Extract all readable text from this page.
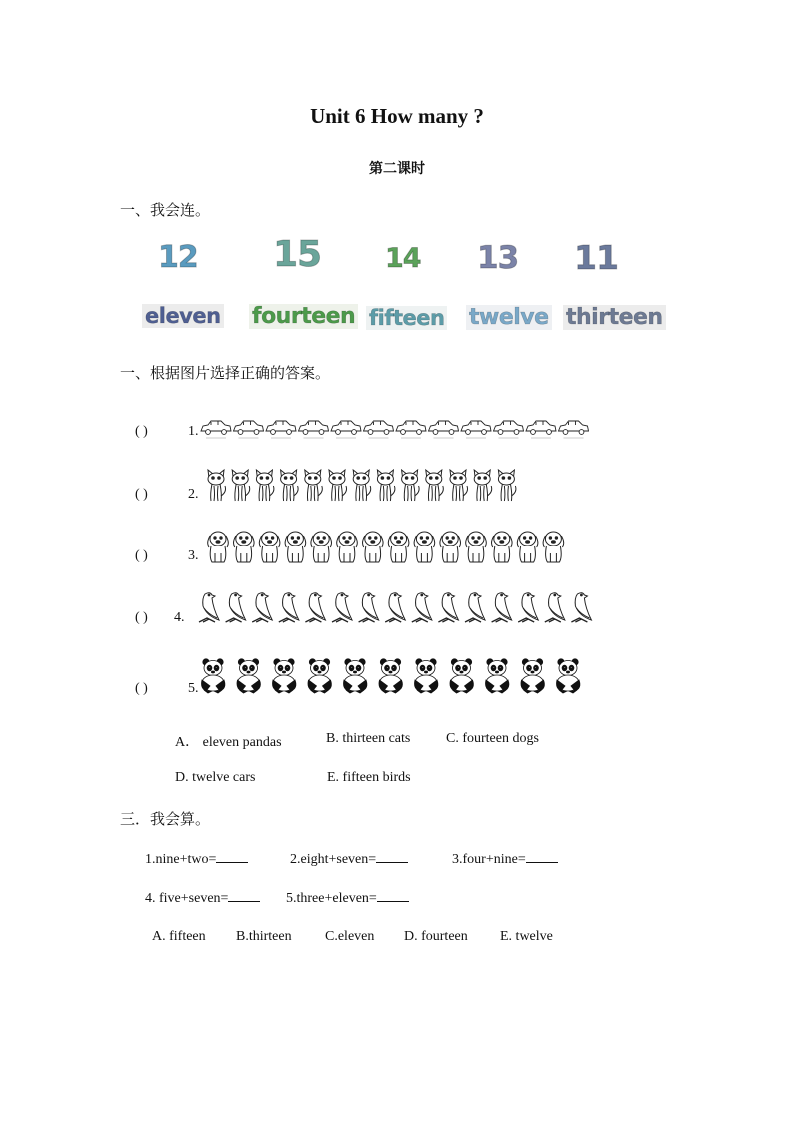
Unit 6 How many ?
第二课时
一、我会连。
12 15 14 13 11
eleven fourteen fifteen twelve thirteen
一、根据图片选择正确的答案。
( )	1.
( )	2.
( )	3.
( ) 4.
( )	5.
A． eleven pandas	B. thirteen cats	C. fourteen dogs
D. twelve cars	E. fifteen birds
三．我会算。
1.nine+two=	2.eight+seven=	3.four+nine=
4. five+seven=	5.three+eleven=
A. fifteen B.thirteen C.eleven D. fourteen E. twelve
